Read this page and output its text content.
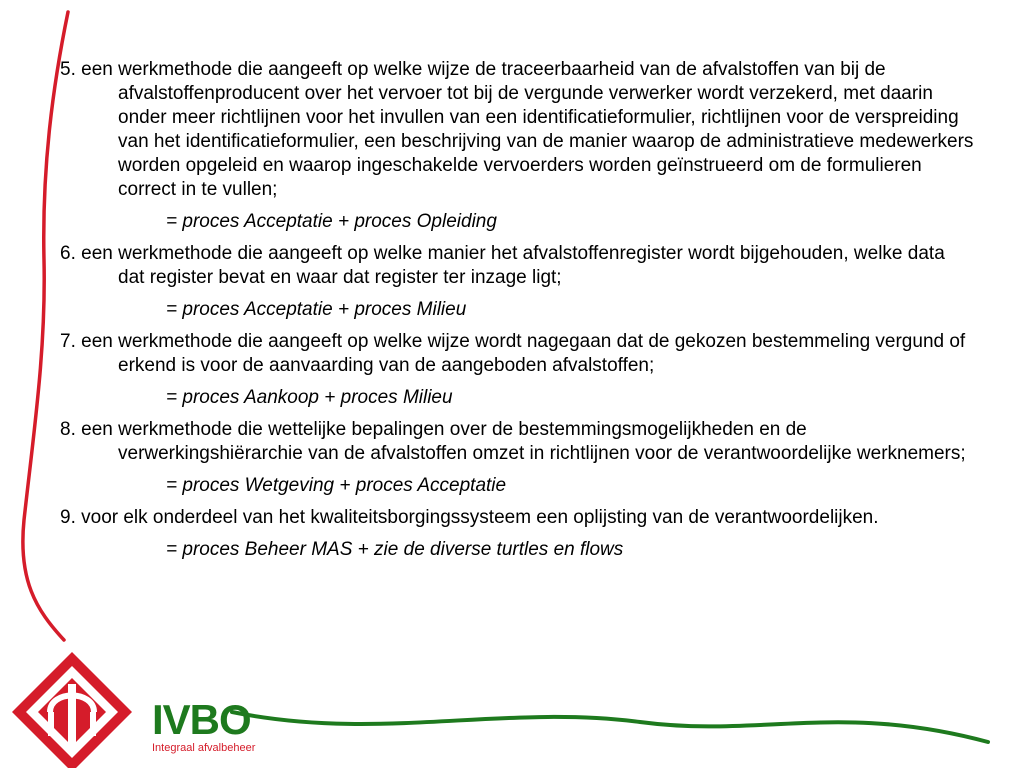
5. een werkmethode die aangeeft op welke wijze de traceerbaarheid van de afvalstoffen van bij de afvalstoffenproducent over het vervoer tot bij de vergunde verwerker wordt verzekerd, met daarin onder meer richtlijnen voor het invullen van een identificatieformulier, richtlijnen voor de verspreiding van het identificatieformulier, een beschrijving van de manier waarop de administratieve medewerkers worden opgeleid en waarop ingeschakelde vervoerders worden geïnstrueerd om de formulieren correct in te vullen;

= proces Acceptatie + proces Opleiding

6. een werkmethode die aangeeft op welke manier het afvalstoffenregister wordt bijgehouden, welke data dat register bevat en waar dat register ter inzage ligt;

= proces Acceptatie + proces Milieu

7. een werkmethode die aangeeft op welke wijze wordt nagegaan dat de gekozen bestemmeling vergund of erkend is voor de aanvaarding van de aangeboden afvalstoffen;

= proces Aankoop + proces Milieu

8. een werkmethode die wettelijke bepalingen over de bestemmingsmogelijkheden en de verwerkingshiërarchie van de afvalstoffen omzet in richtlijnen voor de verantwoordelijke werknemers;

= proces Wetgeving + proces Acceptatie

9. voor elk onderdeel van het kwaliteitsborgingssysteem een oplijsting van de verantwoordelijken.

= proces Beheer MAS + zie de diverse turtles en flows

IVBO
Integraal afvalbeheer
